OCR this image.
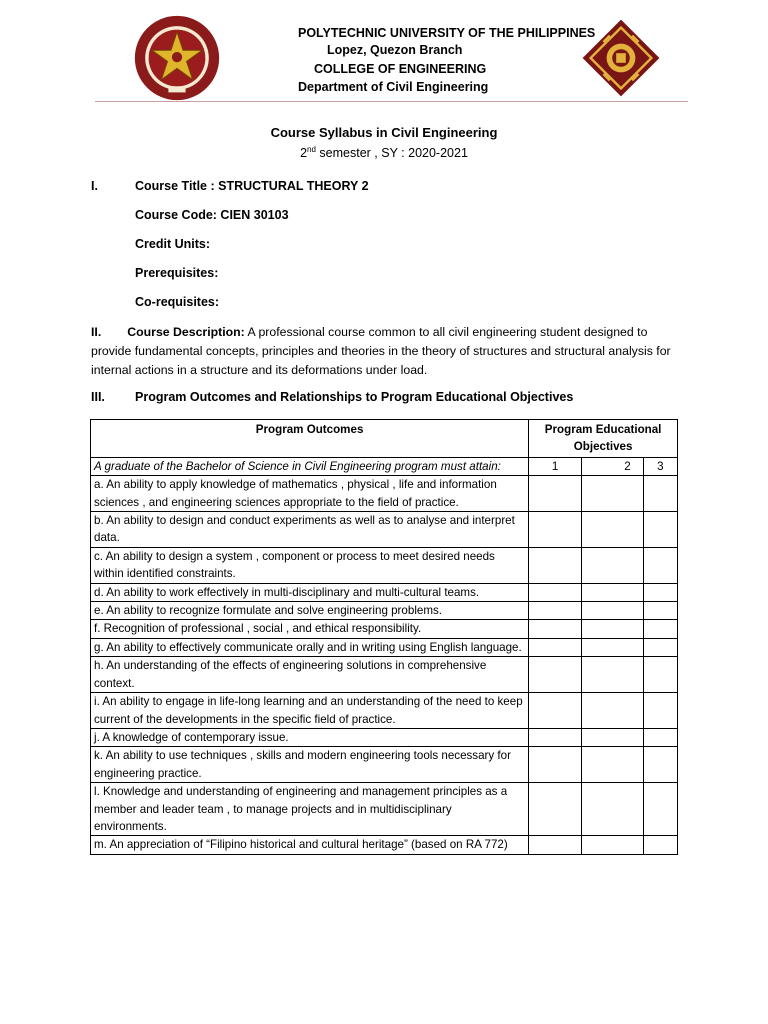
POLYTECHNIC UNIVERSITY OF THE PHILIPPINES
Lopez, Quezon Branch
COLLEGE OF ENGINEERING
Department of Civil Engineering
Course Syllabus in Civil Engineering
2nd semester , SY : 2020-2021
I.	Course Title : STRUCTURAL THEORY 2
Course Code: CIEN 30103
Credit Units:
Prerequisites:
Co-requisites:
II. Course Description: A professional course common to all civil engineering student designed to provide fundamental concepts, principles and theories in the theory of structures and structural analysis for internal actions in a structure and its deformations under load.
III. Program Outcomes and Relationships to Program Educational Objectives
Program Outcomes	Program Educational Objectives		
A graduate of the Bachelor of Science in Civil Engineering program must attain:	1	2	3
a. An ability to apply knowledge of mathematics , physical , life and information sciences , and engineering sciences appropriate to the field of practice.			
b. An ability to design and conduct experiments as well as to analyse and interpret data.			
c. An ability to design a system , component or process to meet desired needs within identified constraints.			
d. An ability to work effectively in multi-disciplinary and multi-cultural teams.			
e. An ability to recognize formulate and solve engineering problems.			
f. Recognition of professional , social , and ethical responsibility.			
g. An ability to effectively communicate orally and in writing using English language.			
h. An understanding of the effects of engineering solutions in comprehensive context.			
i. An ability to engage in life-long learning and an understanding of the need to keep current of the developments in the specific field of practice.			
j. A knowledge of contemporary issue.			
k. An ability to use techniques , skills and modern engineering tools necessary for engineering practice.			
l. Knowledge and understanding of engineering and management principles as a member and leader team , to manage projects and in multidisciplinary environments.			
m. An appreciation of “Filipino historical and cultural heritage” (based on RA 772)			
